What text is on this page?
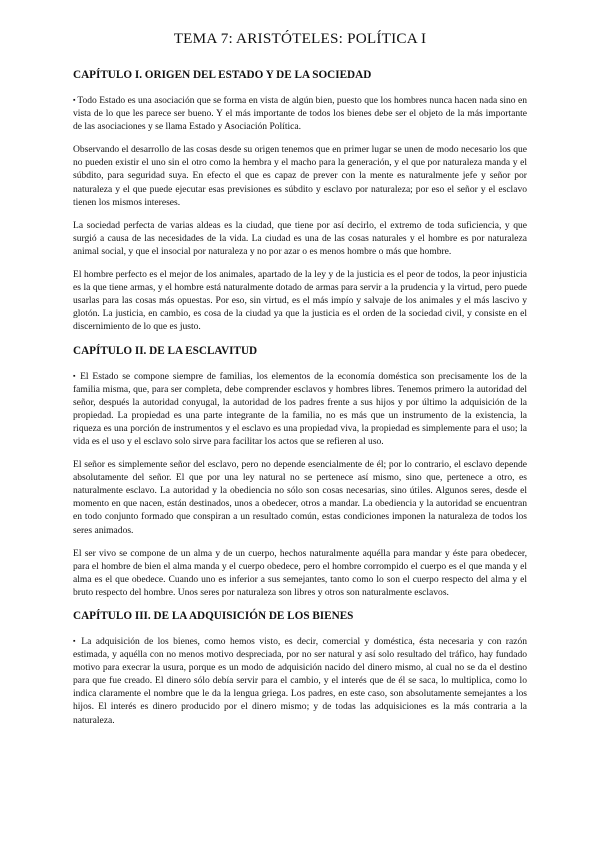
TEMA 7: ARISTÓTELES: POLÍTICA I
CAPÍTULO I. ORIGEN DEL ESTADO Y DE LA SOCIEDAD

▪ Todo Estado es una asociación que se forma en vista de algún bien, puesto que los hombres nunca hacen nada sino en vista de lo que les parece ser bueno. Y el más importante de todos los bienes debe ser el objeto de la más importante de las asociaciones y se llama Estado y Asociación Política.

Observando el desarrollo de las cosas desde su origen tenemos que en primer lugar se unen de modo necesario los que no pueden existir el uno sin el otro como la hembra y el macho para la generación, y el que por naturaleza manda y el súbdito, para seguridad suya. En efecto el que es capaz de prever con la mente es naturalmente jefe y señor por naturaleza y el que puede ejecutar esas previsiones es súbdito y esclavo por naturaleza; por eso el señor y el esclavo tienen los mismos intereses.

La sociedad perfecta de varias aldeas es la ciudad, que tiene por así decirlo, el extremo de toda suficiencia, y que surgió a causa de las necesidades de la vida. La ciudad es una de las cosas naturales y el hombre es por naturaleza animal social, y que el insocial por naturaleza y no por azar o es menos hombre o más que hombre.

El hombre perfecto es el mejor de los animales, apartado de la ley y de la justicia es el peor de todos, la peor injusticia es la que tiene armas, y el hombre está naturalmente dotado de armas para servir a la prudencia y la virtud, pero puede usarlas para las cosas más opuestas. Por eso, sin virtud, es el más impío y salvaje de los animales y el más lascivo y glotón. La justicia, en cambio, es cosa de la ciudad ya que la justicia es el orden de la sociedad civil, y consiste en el discernimiento de lo que es justo.

CAPÍTULO II. DE LA ESCLAVITUD

▪ El Estado se compone siempre de familias, los elementos de la economía doméstica son precisamente los de la familia misma, que, para ser completa, debe comprender esclavos y hombres libres. Tenemos primero la autoridad del señor, después la autoridad conyugal, la autoridad de los padres frente a sus hijos y por último la adquisición de la propiedad. La propiedad es una parte integrante de la familia, no es más que un instrumento de la existencia, la riqueza es una porción de instrumentos y el esclavo es una propiedad viva, la propiedad es simplemente para el uso; la vida es el uso y el esclavo solo sirve para facilitar los actos que se refieren al uso.

El señor es simplemente señor del esclavo, pero no depende esencialmente de él; por lo contrario, el esclavo depende absolutamente del señor. El que por una ley natural no se pertenece así mismo, sino que, pertenece a otro, es naturalmente esclavo. La autoridad y la obediencia no sólo son cosas necesarias, sino útiles. Algunos seres, desde el momento en que nacen, están destinados, unos a obedecer, otros a mandar. La obediencia y la autoridad se encuentran en todo conjunto formado que conspiran a un resultado común, estas condiciones imponen la naturaleza de todos los seres animados.

El ser vivo se compone de un alma y de un cuerpo, hechos naturalmente aquélla para mandar y éste para obedecer, para el hombre de bien el alma manda y el cuerpo obedece, pero el hombre corrompido el cuerpo es el que manda y el alma es el que obedece. Cuando uno es inferior a sus semejantes, tanto como lo son el cuerpo respecto del alma y el bruto respecto del hombre. Unos seres por naturaleza son libres y otros son naturalmente esclavos.

CAPÍTULO III. DE LA ADQUISICIÓN DE LOS BIENES

▪ La adquisición de los bienes, como hemos visto, es decir, comercial y doméstica, ésta necesaria y con razón estimada, y aquélla con no menos motivo despreciada, por no ser natural y así solo resultado del tráfico, hay fundado motivo para execrar la usura, porque es un modo de adquisición nacido del dinero mismo, al cual no se da el destino para que fue creado. El dinero sólo debía servir para el cambio, y el interés que de él se saca, lo multiplica, como lo indica claramente el nombre que le da la lengua griega. Los padres, en este caso, son absolutamente semejantes a los hijos. El interés es dinero producido por el dinero mismo; y de todas las adquisiciones es la más contraria a la naturaleza.
